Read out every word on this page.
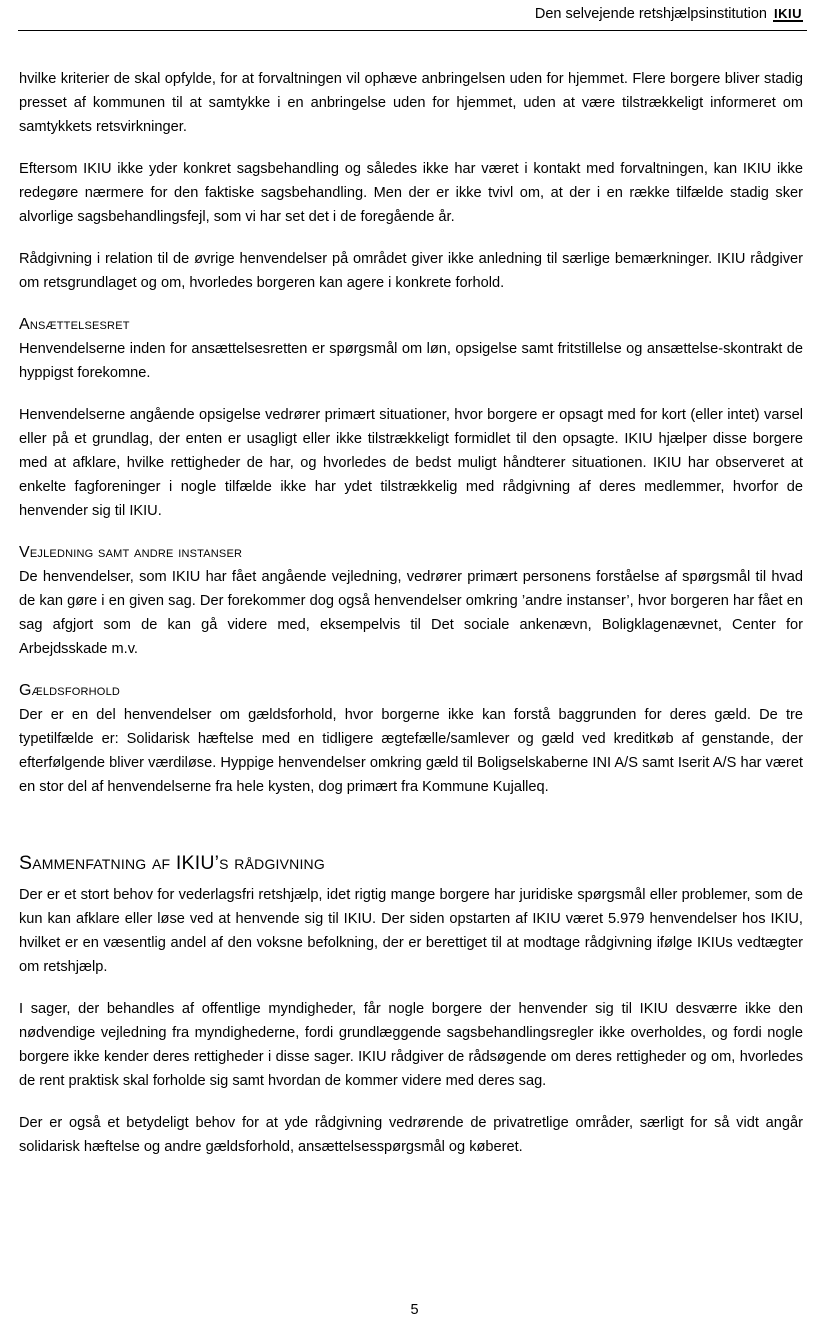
Den selvejende retshjælpsinstitution IKIU

hvilke kriterier de skal opfylde, for at forvaltningen vil ophæve anbringelsen uden for hjemmet. Flere borgere bliver stadig presset af kommunen til at samtykke i en anbringelse uden for hjemmet, uden at være tilstrækkeligt informeret om samtykkets retsvirkninger.

Eftersom IKIU ikke yder konkret sagsbehandling og således ikke har været i kontakt med forvaltningen, kan IKIU ikke redegøre nærmere for den faktiske sagsbehandling. Men der er ikke tvivl om, at der i en række tilfælde stadig sker alvorlige sagsbehandlingsfejl, som vi har set det i de foregående år.

Rådgivning i relation til de øvrige henvendelser på området giver ikke anledning til særlige bemærkninger. IKIU rådgiver om retsgrundlaget og om, hvorledes borgeren kan agere i konkrete forhold.

Ansættelsesret

Henvendelserne inden for ansættelsesretten er spørgsmål om løn, opsigelse samt fritstillelse og ansættelse-skontrakt de hyppigst forekomne.

Henvendelserne angående opsigelse vedrører primært situationer, hvor borgere er opsagt med for kort (eller intet) varsel eller på et grundlag, der enten er usagligt eller ikke tilstrækkeligt formidlet til den opsagte. IKIU hjælper disse borgere med at afklare, hvilke rettigheder de har, og hvorledes de bedst muligt håndterer situationen. IKIU har observeret at enkelte fagforeninger i nogle tilfælde ikke har ydet tilstrækkelig med rådgivning af deres medlemmer, hvorfor de henvender sig til IKIU.

Vejledning samt andre instanser

De henvendelser, som IKIU har fået angående vejledning, vedrører primært personens forståelse af spørgsmål til hvad de kan gøre i en given sag. Der forekommer dog også henvendelser omkring ’andre instanser’, hvor borgeren har fået en sag afgjort som de kan gå videre med, eksempelvis til Det sociale ankenævn, Boligklagenævnet, Center for Arbejdsskade m.v.

Gældsforhold

Der er en del henvendelser om gældsforhold, hvor borgerne ikke kan forstå baggrunden for deres gæld. De tre typetilfælde er: Solidarisk hæftelse med en tidligere ægtefælle/samlever og gæld ved kreditkøb af genstande, der efterfølgende bliver værdiløse. Hyppige henvendelser omkring gæld til Boligselskaberne INI A/S samt Iserit A/S har været en stor del af henvendelserne fra hele kysten, dog primært fra Kommune Kujalleq.

Sammenfatning af IKIU’s rådgivning

Der er et stort behov for vederlagsfri retshjælp, idet rigtig mange borgere har juridiske spørgsmål eller problemer, som de kun kan afklare eller løse ved at henvende sig til IKIU. Der siden opstarten af IKIU været 5.979 henvendelser hos IKIU, hvilket er en væsentlig andel af den voksne befolkning, der er berettiget til at modtage rådgivning ifølge IKIUs vedtægter om retshjælp.

I sager, der behandles af offentlige myndigheder, får nogle borgere der henvender sig til IKIU desværre ikke den nødvendige vejledning fra myndighederne, fordi grundlæggende sagsbehandlingsregler ikke overholdes, og fordi nogle borgere ikke kender deres rettigheder i disse sager. IKIU rådgiver de rådsøgende om deres rettigheder og om, hvorledes de rent praktisk skal forholde sig samt hvordan de kommer videre med deres sag.

Der er også et betydeligt behov for at yde rådgivning vedrørende de privatretlige områder, særligt for så vidt angår solidarisk hæftelse og andre gældsforhold, ansættelsesspørgsmål og køberet.

5
